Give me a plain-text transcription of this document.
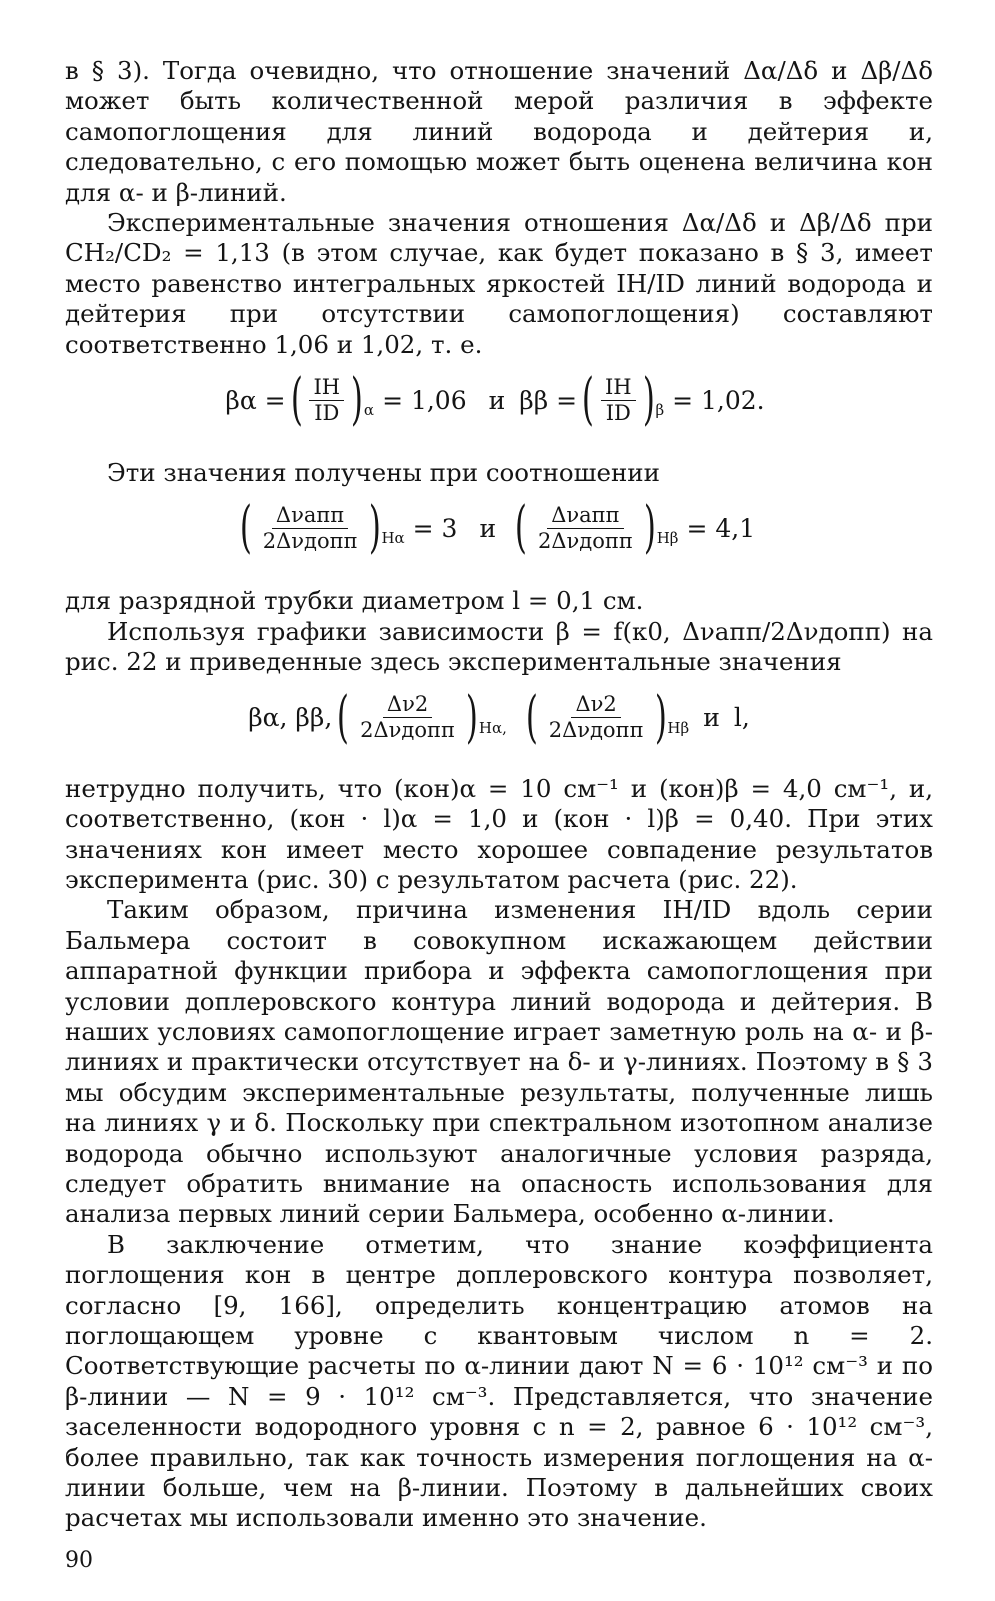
в § 3). Тогда очевидно, что отношение значений Δα/Δδ и Δβ/Δδ может быть количественной мерой различия в эффекте самопоглощения для линий водорода и дейтерия и, следовательно, с его помощью может быть оценена величина κон для α- и β-линий.

Экспериментальные значения отношения Δα/Δδ и Δβ/Δδ при CH₂/CD₂ = 1,13 (в этом случае, как будет показано в § 3, имеет место равенство интегральных яркостей IH/ID линий водорода и дейтерия при отсутствии самопоглощения) составляют соответственно 1,06 и 1,02, т. е.

βα = ( $\frac{IH}{ID}$ ) α = 1,06 и ββ = ( $\frac{IH}{ID}$ ) β = 1,02.

Эти значения получены при соотношении

( $\frac{\text{Δνапп}}{\text{2Δνдопп}}$ ) Hα = 3 и ( $\frac{\text{Δνапп}}{\text{2Δνдопп}}$ ) Hβ = 4,1

для разрядной трубки диаметром l = 0,1 см.

Используя графики зависимости β = f(κ0, Δνапп/2Δνдопп) на рис. 22 и приведенные здесь экспериментальные значения

βα, ββ, ( $\frac{\Delta\nu 2}{\text{2Δνдопп}}$ ) Hα, ( $\frac{\Delta\nu 2}{\text{2Δνдопп}}$ ) Hβ и l,

нетрудно получить, что (κон)α = 10 см⁻¹ и (κон)β = 4,0 см⁻¹, и, соответственно, (κон · l)α = 1,0 и (κон · l)β = 0,40. При этих значениях κон имеет место хорошее совпадение результатов эксперимента (рис. 30) с результатом расчета (рис. 22).

Таким образом, причина изменения IH/ID вдоль серии Бальмера состоит в совокупном искажающем действии аппаратной функции прибора и эффекта самопоглощения при условии доплеровского контура линий водорода и дейтерия. В наших условиях самопоглощение играет заметную роль на α- и β-линиях и практически отсутствует на δ- и γ-линиях. Поэтому в § 3 мы обсудим экспериментальные результаты, полученные лишь на линиях γ и δ. Поскольку при спектральном изотопном анализе водорода обычно используют аналогичные условия разряда, следует обратить внимание на опасность использования для анализа первых линий серии Бальмера, особенно α-линии.

В заключение отметим, что знание коэффициента поглощения κон в центре доплеровского контура позволяет, согласно [9, 166], определить концентрацию атомов на поглощающем уровне с квантовым числом n = 2. Соответствующие расчеты по α-линии дают N = 6 · 10¹² см⁻³ и по β-линии — N = 9 · 10¹² см⁻³. Представляется, что значение заселенности водородного уровня с n = 2, равное 6 · 10¹² см⁻³, более правильно, так как точность измерения поглощения на α-линии больше, чем на β-линии. Поэтому в дальнейших своих расчетах мы использовали именно это значение.

90
